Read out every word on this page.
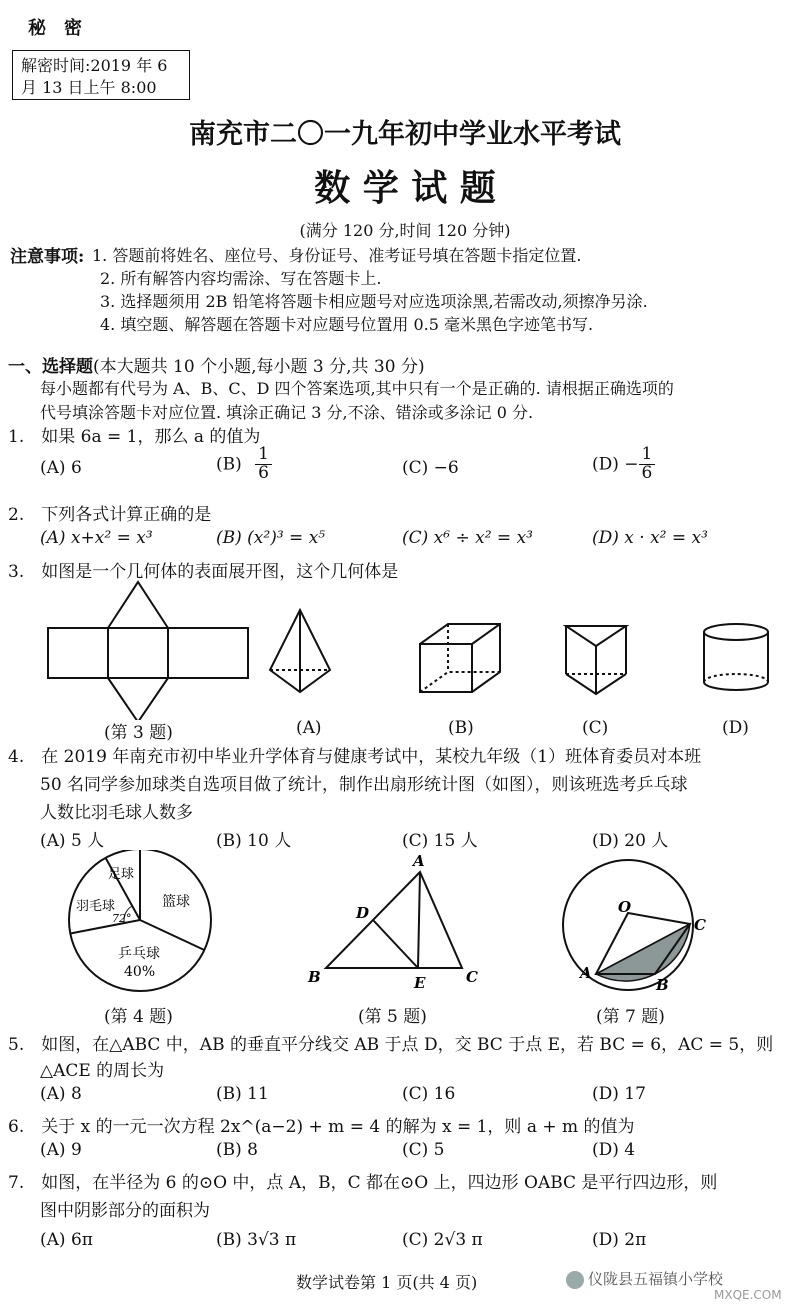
秘　密
解密时间:2019 年 6
月 13 日上午 8:00
南充市二〇一九年初中学业水平考试
数 学 试 题
(满分 120 分,时间 120 分钟)
注意事项: 1. 答题前将姓名、座位号、身份证号、准考证号填在答题卡指定位置.
2. 所有解答内容均需涂、写在答题卡上.
3. 选择题须用 2B 铅笔将答题卡相应题号对应选项涂黑,若需改动,须擦净另涂.
4. 填空题、解答题在答题卡对应题号位置用 0.5 毫米黑色字迹笔书写.
一、选择题(本大题共 10 个小题,每小题 3 分,共 30 分)
每小题都有代号为 A、B、C、D 四个答案选项,其中只有一个是正确的. 请根据正确选项的
代号填涂答题卡对应位置. 填涂正确记 3 分,不涂、错涂或多涂记 0 分.
1.　如果 6a = 1，那么 a 的值为
(A) 6	$(B) \frac{1}{6}$	(C) −6	$(D) - \frac{1}{6}$
2.　下列各式计算正确的是
(A) x+x² = x³	(B) (x²)³ = x⁵	(C) x⁶ ÷ x² = x³	(D) x · x² = x³
3.　如图是一个几何体的表面展开图，这个几何体是
(第 3 题)	(A)	(B)	(C)	(D)
4.　在 2019 年南充市初中毕业升学体育与健康考试中，某校九年级（1）班体育委员对本班
50 名同学参加球类自选项目做了统计，制作出扇形统计图（如图），则该班选考乒乓球
人数比羽毛球人数多
(A) 5 人	(B) 10 人	(C) 15 人	(D) 20 人
篮球
足球
羽毛球
72°
乒乓球
40%
A
D
B	E	C
O
C
A
B
(第 4 题)	(第 5 题)	(第 7 题)
5.　如图，在△ABC 中，AB 的垂直平分线交 AB 于点 D，交 BC 于点 E，若 BC = 6，AC = 5，则
△ACE 的周长为
(A) 8	(B) 11	(C) 16	(D) 17
6.　关于 x 的一元一次方程 2x^(a−2) + m = 4 的解为 x = 1，则 a + m 的值为
(A) 9	(B) 8	(C) 5	(D) 4
7.　如图，在半径为 6 的⊙O 中，点 A，B，C 都在⊙O 上，四边形 OABC 是平行四边形，则
图中阴影部分的面积为
(A) 6π	(B) 3√3 π	(C) 2√3 π	(D) 2π
数学试卷第 1 页(共 4 页)	仪陇县五福镇小学校
MXQE.COM
